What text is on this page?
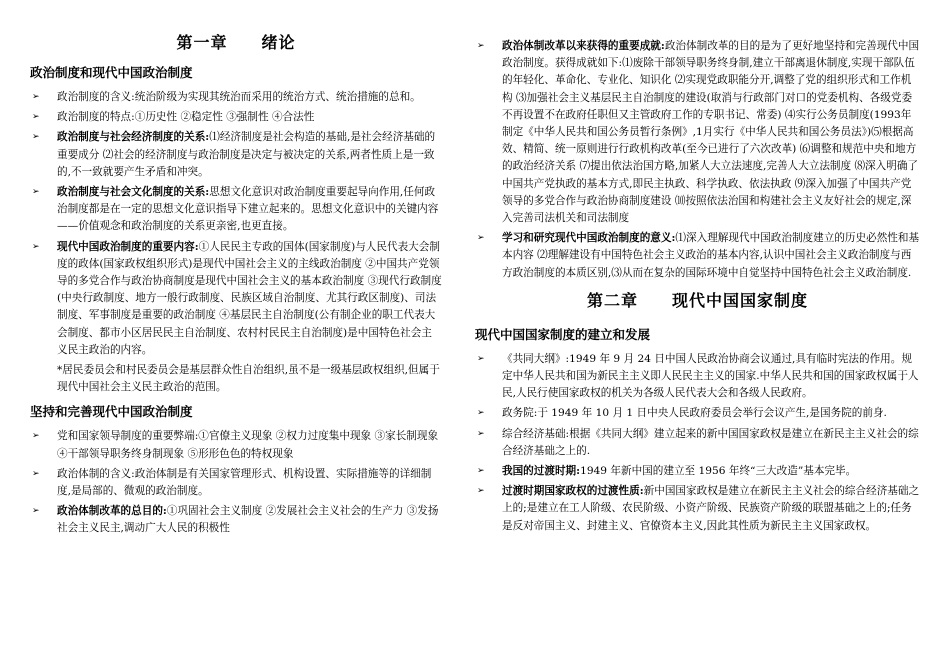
第一章 绪论
政治制度和现代中国政治制度
➢ 政治制度的含义:统治阶级为实现其统治而采用的统治方式、统治措施的总和。
➢ 政治制度的特点:①历史性 ②稳定性 ③强制性 ④合法性
➢ 政治制度与社会经济制度的关系:⑴经济制度是社会构造的基础,是社会经济基础的重要成分 ⑵社会的经济制度与政治制度是决定与被决定的关系,两者性质上是一致的,不一致就要产生矛盾和冲突。
➢ 政治制度与社会文化制度的关系:思想文化意识对政治制度重要起导向作用,任何政治制度都是在一定的思想文化意识指导下建立起来的。思想文化意识中的关键内容——价值观念和政治制度的关系更亲密,也更直接。
➢ 现代中国政治制度的重要内容:①人民民主专政的国体(国家制度)与人民代表大会制度的政体(国家政权组织形式)是现代中国社会主义的主线政治制度 ②中国共产党领导的多党合作与政治协商制度是现代中国社会主义的基本政治制度 ③现代行政制度(中央行政制度、地方一般行政制度、民族区域自治制度、尤其行政区制度)、司法制度、军事制度是重要的政治制度 ④基层民主自治制度(公有制企业的职工代表大会制度、都市小区居民民主自治制度、农村村民民主自治制度)是中国特色社会主义民主政治的内容。
*居民委员会和村民委员会是基层群众性自治组织,虽不是一级基层政权组织,但属于现代中国社会主义民主政治的范围。
坚持和完善现代中国政治制度
➢ 党和国家领导制度的重要弊端:①官僚主义现象 ②权力过度集中现象 ③家长制现象 ④干部领导职务终身制现象 ⑤形形色色的特权现象
➢ 政治体制的含义:政治体制是有关国家管理形式、机构设置、实际措施等的详细制度,是局部的、微观的政治制度。
➢ 政治体制改革的总目的:①巩固社会主义制度 ②发展社会主义社会的生产力 ③发扬社会主义民主,调动广大人民的积极性
➢ 政治体制改革以来获得的重要成就:政治体制改革的目的是为了更好地坚持和完善现代中国政治制度。获得成就如下:⑴废除干部领导职务终身制,建立干部离退休制度,实现干部队伍的年轻化、革命化、专业化、知识化 ⑵实现党政职能分开,调整了党的组织形式和工作机构 ⑶加强社会主义基层民主自治制度的建设(取消与行政部门对口的党委机构、各级党委不再设置不在政府任职但又主管政府工作的专职书记、常委) ⑷实行公务员制度(1993年制定《中华人民共和国公务员暂行条例》,1月实行《中华人民共和国公务员法》)⑸根据高效、精简、统一原则进行行政机构改革(至今已进行了六次改革) ⑹调整和规范中央和地方的政治经济关系 ⑺提出依法治国方略,加紧人大立法速度,完善人大立法制度 ⑻深入明确了中国共产党执政的基本方式,即民主执政、科学执政、依法执政 ⑼深入加强了中国共产党领导的多党合作与政治协商制度建设 ⑽按照依法治国和构建社会主义友好社会的规定,深入完善司法机关和司法制度
➢ 学习和研究现代中国政治制度的意义:⑴深入理解现代中国政治制度建立的历史必然性和基本内容 ⑵理解建设有中国特色社会主义政治的基本内容,认识中国社会主义政治制度与西方政治制度的本质区别,⑶从而在复杂的国际环境中自觉坚持中国特色社会主义政治制度.
第二章 现代中国国家制度
现代中国国家制度的建立和发展
➢ 《共同大纲》:1949 年 9 月 24 日中国人民政治协商会议通过,具有临时宪法的作用。规定中华人民共和国为新民主主义即人民民主主义的国家.中华人民共和国的国家政权属于人民,人民行使国家政权的机关为各级人民代表大会和各级人民政府。
➢ 政务院:于 1949 年 10 月 1 日中央人民政府委员会举行会议产生,是国务院的前身.
➢ 综合经济基础:根据《共同大纲》建立起来的新中国国家政权是建立在新民主主义社会的综合经济基础之上的.
➢ 我国的过渡时期:1949 年新中国的建立至 1956 年终“三大改造”基本完毕。
➢ 过渡时期国家政权的过渡性质:新中国国家政权是建立在新民主主义社会的综合经济基础之上的;是建立在工人阶级、农民阶级、小资产阶级、民族资产阶级的联盟基础之上的;任务是反对帝国主义、封建主义、官僚资本主义,因此其性质为新民主主义国家政权。
